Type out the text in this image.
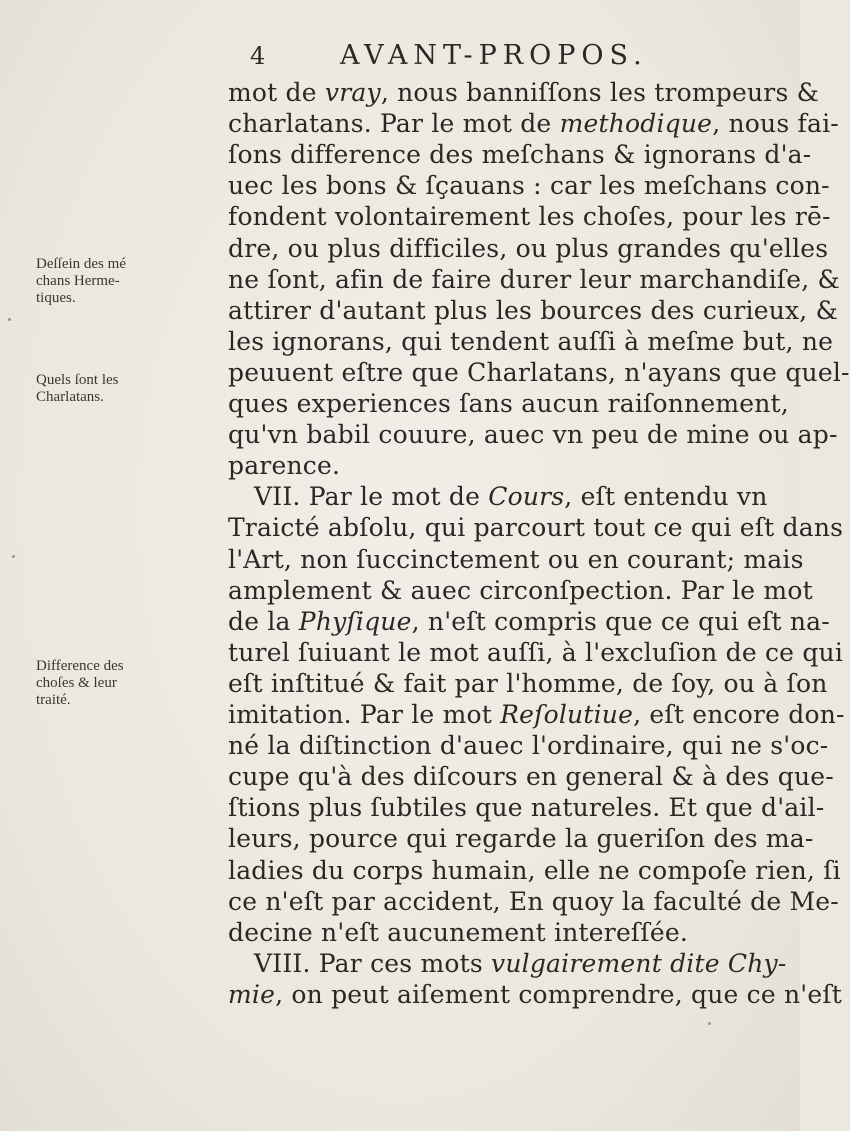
4	AVANT-PROPOS.
mot de vray, nous banniſſons les trompeurs &
charlatans. Par le mot de methodique, nous fai-
ſons difference des meſchans & ignorans d'a-
uec les bons & ſçauans : car les meſchans con-
fondent volontairement les choſes, pour les rē-
dre, ou plus difficiles, ou plus grandes qu'elles
ne ſont, afin de faire durer leur marchandiſe, &
attirer d'autant plus les bources des curieux, &
les ignorans, qui tendent auſſi à meſme but, ne
peuuent eſtre que Charlatans, n'ayans que quel-
ques experiences ſans aucun raiſonnement,
qu'vn babil couure, auec vn peu de mine ou ap-
parence.
VII. Par le mot de Cours, eſt entendu vn
Traicté abſolu, qui parcourt tout ce qui eſt dans
l'Art, non ſuccinctement ou en courant; mais
amplement & auec circonſpection. Par le mot
de la Phyſique, n'eſt compris que ce qui eſt na-
turel ſuiuant le mot auſſi, à l'excluſion de ce qui
eſt inſtitué & fait par l'homme, de ſoy, ou à ſon
imitation. Par le mot Reſolutiue, eſt encore don-
né la diſtinction d'auec l'ordinaire, qui ne s'oc-
cupe qu'à des diſcours en general & à des que-
ſtions plus ſubtiles que natureles. Et que d'ail-
leurs, pource qui regarde la gueriſon des ma-
ladies du corps humain, elle ne compoſe rien, ſi
ce n'eſt par accident, En quoy la faculté de Me-
decine n'eſt aucunement intereſſée.
VIII. Par ces mots vulgairement dite Chy-
mie, on peut aiſement comprendre, que ce n'eſt
Deſſein des mé
chans Herme-
tiques.
Quels ſont les
Charlatans.
Difference des
choſes & leur
traité.
